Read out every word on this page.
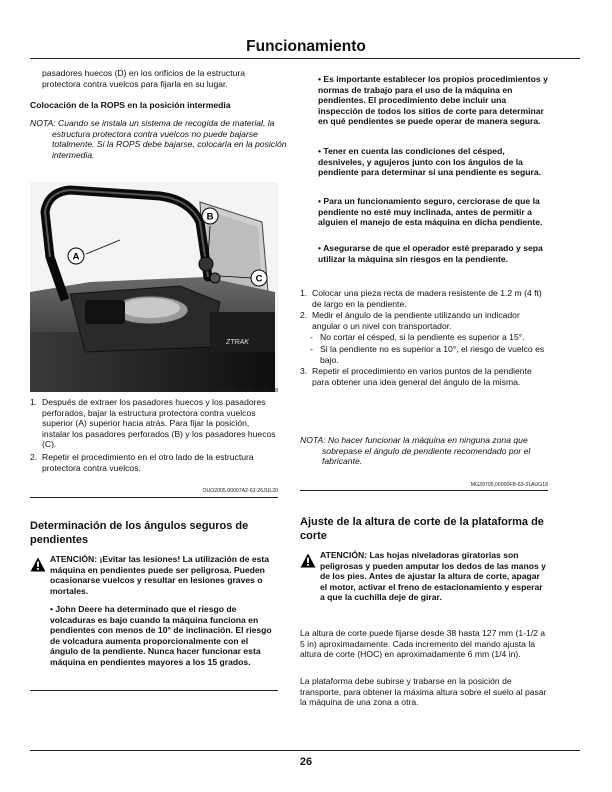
Funcionamiento
pasadores huecos (D) en los orificios de la estructura protectora contra vuelcos para fijarla en su lugar.
Colocación de la ROPS en la posición intermedia
NOTA: Cuando se instala un sistema de recogida de material, la estructura protectora contra vuelcos no puede bajarse totalmente. Si la ROPS debe bajarse, colocarla en la posición intermedia.
A
B
C
ZTRAK
APY04499—UN—12JUL18
1. Después de extraer los pasadores huecos y los pasadores perforados, bajar la estructura protectora contra vuelcos superior (A) superior hacia atrás. Para fijar la posición, instalar los pasadores perforados (B) y los pasadores huecos (C).
2. Repetir el procedimiento en el otro lado de la estructura protectora contra vuelcos.
OUO2005,00007A2-63-26JUL20
Determinación de los ángulos seguros de pendientes
ATENCIÓN: ¡Evitar las lesiones! La utilización de esta máquina en pendientes puede ser peligrosa. Pueden ocasionarse vuelcos y resultar en lesiones graves o mortales.
• John Deere ha determinado que el riesgo de volcaduras es bajo cuando la máquina funciona en pendientes con menos de 10° de inclinación. El riesgo de volcadura aumenta proporcionalmente con el ángulo de la pendiente. Nunca hacer funcionar esta máquina en pendientes mayores a los 15 grados.
• Es importante establecer los propios procedimientos y normas de trabajo para el uso de la máquina en pendientes. El procedimiento debe incluir una inspección de todos los sitios de corte para determinar en qué pendientes se puede operar de manera segura.
• Tener en cuenta las condiciones del césped, desniveles, y agujeros junto con los ángulos de la pendiente para determinar si una pendiente es segura.
• Para un funcionamiento seguro, cerciorase de que la pendiente no esté muy inclinada, antes de permitir a alguien el manejo de esta máquina en dicha pendiente.
• Asegurarse de que el operador esté preparado y sepa utilizar la máquina sin riesgos en la pendiente.
1. Colocar una pieza recta de madera resistente de 1.2 m (4 ft) de largo en la pendiente.
2. Medir el ángulo de la pendiente utilizando un indicador angular o un nivel con transportador.
- No cortar el césped, si la pendiente es superior a 15°.
- Si la pendiente no es superior a 10°, el riesgo de vuelco es bajo.
3. Repetir el procedimiento en varios puntos de la pendiente para obtener una idea general del ángulo de la misma.
NOTA: No hacer funcionar la máquina en ninguna zona que sobrepase el ángulo de pendiente recomendado por el fabricante.
MG39705,00000FB-63-31AUG18
Ajuste de la altura de corte de la plataforma de corte
ATENCIÓN: Las hojas niveladoras giratorias son peligrosas y pueden amputar los dedos de las manos y de los pies. Antes de ajustar la altura de corte, apagar el motor, activar el freno de estacionamiento y esperar a que la cuchilla deje de girar.
La altura de corte puede fijarse desde 38 hasta 127 mm (1-1/2 a 5 in) aproximadamente. Cada incremento del mando ajusta la altura de corte (HOC) en aproximadamente 6 mm (1/4 in).
La plataforma debe subirse y trabarse en la posición de transporte, para obtener la máxima altura sobre el suelo al pasar la máquina de una zona a otra.
26
